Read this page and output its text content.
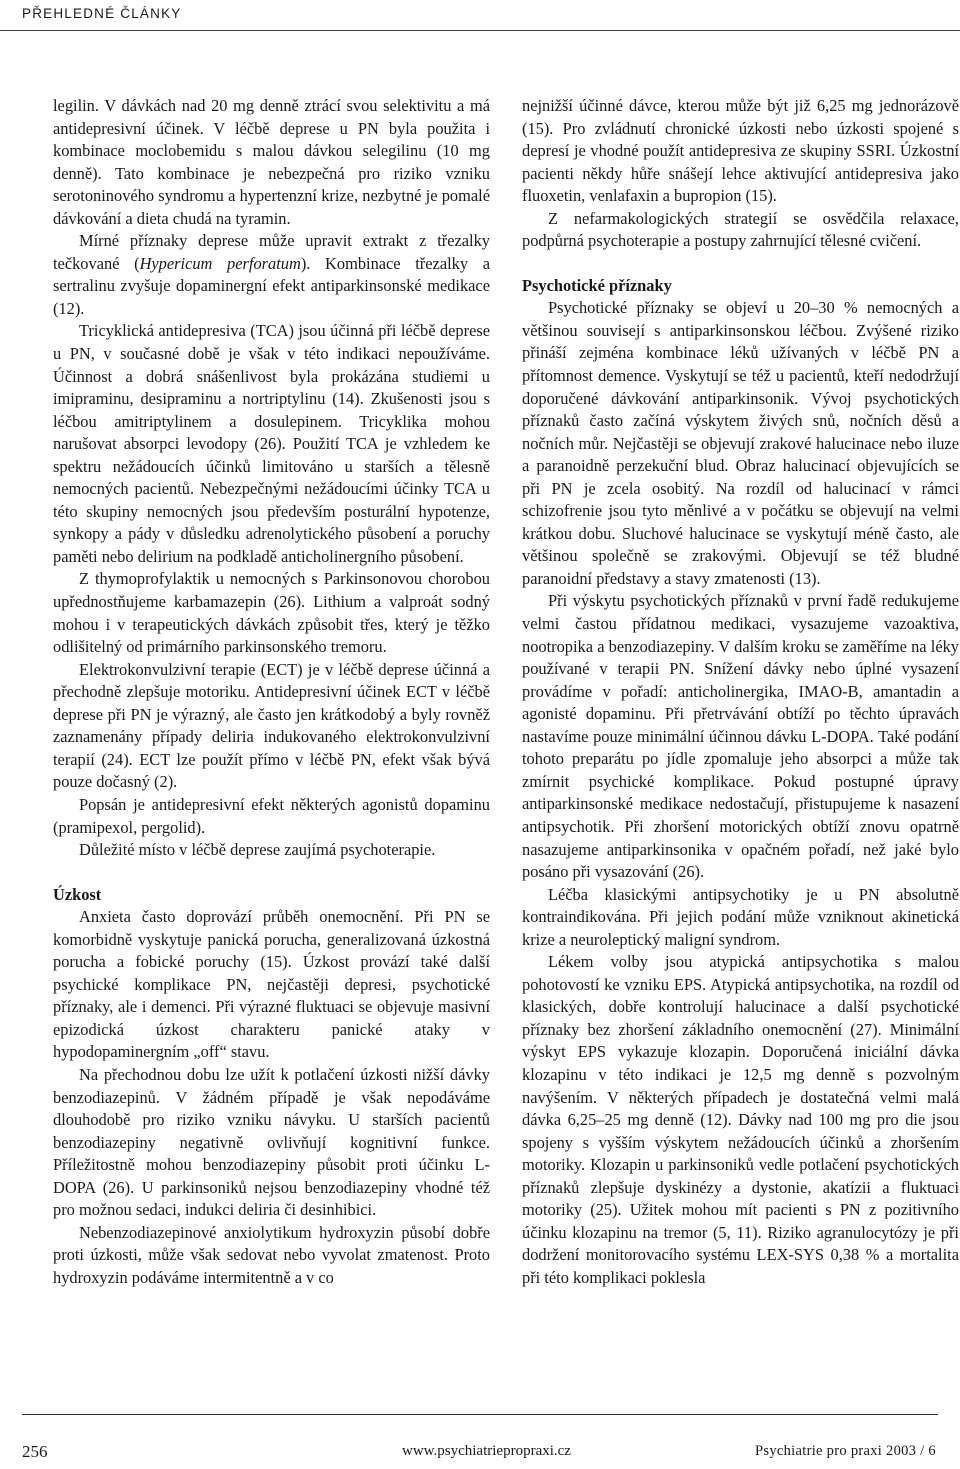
PŘEHLEDNÉ ČLÁNKY

legilin. V dávkách nad 20 mg denně ztrácí svou selektivitu a má antidepresivní účinek. V léčbě deprese u PN byla použita i kombinace moclobemidu s malou dávkou selegilinu (10 mg denně). Tato kombinace je nebezpečná pro riziko vzniku serotoninového syndromu a hypertenzní krize, nezbytné je pomalé dávkování a dieta chudá na tyramin.

Mírné příznaky deprese může upravit extrakt z třezalky tečkované (Hypericum perforatum). Kombinace třezalky a sertralinu zvyšuje dopaminergní efekt antiparkinsonské medikace (12).

Tricyklická antidepresiva (TCA) jsou účinná při léčbě deprese u PN, v současné době je však v této indikaci nepoužíváme. Účinnost a dobrá snášenlivost byla prokázána studiemi u imipraminu, desipraminu a nortriptylinu (14). Zkušenosti jsou s léčbou amitriptylinem a dosulepinem. Tricyklika mohou narušovat absorpci levodopy (26). Použití TCA je vzhledem ke spektru nežádoucích účinků limitováno u starších a tělesně nemocných pacientů. Nebezpečnými nežádoucími účinky TCA u této skupiny nemocných jsou především posturální hypotenze, synkopy a pády v důsledku adrenolytického působení a poruchy paměti nebo delirium na podkladě anticholinergního působení.

Z thymoprofylaktik u nemocných s Parkinsonovou chorobou upřednostňujeme karbamazepin (26). Lithium a valproát sodný mohou i v terapeutických dávkách způsobit třes, který je těžko odlišitelný od primárního parkinsonského tremoru.

Elektrokonvulzivní terapie (ECT) je v léčbě deprese účinná a přechodně zlepšuje motoriku. Antidepresivní účinek ECT v léčbě deprese při PN je výrazný, ale často jen krátkodobý a byly rovněž zaznamenány případy deliria indukovaného elektrokonvulzivní terapií (24). ECT lze použít přímo v léčbě PN, efekt však bývá pouze dočasný (2).

Popsán je antidepresivní efekt některých agonistů dopaminu (pramipexol, pergolid).

Důležité místo v léčbě deprese zaujímá psychoterapie.

Úzkost

Anxieta často doprovází průběh onemocnění. Při PN se komorbidně vyskytuje panická porucha, generalizovaná úzkostná porucha a fobické poruchy (15). Úzkost provází také další psychické komplikace PN, nejčastěji depresi, psychotické příznaky, ale i demenci. Při výrazné fluktuaci se objevuje masivní epizodická úzkost charakteru panické ataky v hypodopaminergním „off“ stavu.

Na přechodnou dobu lze užít k potlačení úzkosti nižší dávky benzodiazepinů. V žádném případě je však nepodáváme dlouhodobě pro riziko vzniku návyku. U starších pacientů benzodiazepiny negativně ovlivňují kognitivní funkce. Příležitostně mohou benzodiazepiny působit proti účinku L-DOPA (26). U parkinsoniků nejsou benzodiazepiny vhodné též pro možnou sedaci, indukci deliria či desinhibici.

Nebenzodiazepinové anxiolytikum hydroxyzin působí dobře proti úzkosti, může však sedovat nebo vyvolat zmatenost. Proto hydroxyzin podáváme intermitentně a v co

nejnižší účinné dávce, kterou může být již 6,25 mg jednorázově (15). Pro zvládnutí chronické úzkosti nebo úzkosti spojené s depresí je vhodné použít antidepresiva ze skupiny SSRI. Úzkostní pacienti někdy hůře snášejí lehce aktivující antidepresiva jako fluoxetin, venlafaxin a bupropion (15).

Z nefarmakologických strategií se osvědčila relaxace, podpůrná psychoterapie a postupy zahrnující tělesné cvičení.

Psychotické příznaky

Psychotické příznaky se objeví u 20–30 % nemocných a většinou souvisejí s antiparkinsonskou léčbou. Zvýšené riziko přináší zejména kombinace léků užívaných v léčbě PN a přítomnost demence. Vyskytují se též u pacientů, kteří nedodržují doporučené dávkování antiparkinsonik. Vývoj psychotických příznaků často začíná výskytem živých snů, nočních děsů a nočních můr. Nejčastěji se objevují zrakové halucinace nebo iluze a paranoidně perzekuční blud. Obraz halucinací objevujících se při PN je zcela osobitý. Na rozdíl od halucinací v rámci schizofrenie jsou tyto měnlivé a v počátku se objevují na velmi krátkou dobu. Sluchové halucinace se vyskytují méně často, ale většinou společně se zrakovými. Objevují se též bludné paranoidní představy a stavy zmatenosti (13).

Při výskytu psychotických příznaků v první řadě redukujeme velmi častou přídatnou medikaci, vysazujeme vazoaktiva, nootropika a benzodiazepiny. V dalším kroku se zaměříme na léky používané v terapii PN. Snížení dávky nebo úplné vysazení provádíme v pořadí: anticholinergika, IMAO-B, amantadin a agonisté dopaminu. Při přetrvávání obtíží po těchto úpravách nastavíme pouze minimální účinnou dávku L-DOPA. Také podání tohoto preparátu po jídle zpomaluje jeho absorpci a může tak zmírnit psychické komplikace. Pokud postupné úpravy antiparkinsonské medikace nedostačují, přistupujeme k nasazení antipsychotik. Při zhoršení motorických obtíží znovu opatrně nasazujeme antiparkinsonika v opačném pořadí, než jaké bylo posáno při vysazování (26).

Léčba klasickými antipsychotiky je u PN absolutně kontraindikována. Při jejich podání může vzniknout akinetická krize a neuroleptický maligní syndrom.

Lékem volby jsou atypická antipsychotika s malou pohotovostí ke vzniku EPS. Atypická antipsychotika, na rozdíl od klasických, dobře kontrolují halucinace a další psychotické příznaky bez zhoršení základního onemocnění (27). Minimální výskyt EPS vykazuje klozapin. Doporučená iniciální dávka klozapinu v této indikaci je 12,5 mg denně s pozvolným navýšením. V některých případech je dostatečná velmi malá dávka 6,25–25 mg denně (12). Dávky nad 100 mg pro die jsou spojeny s vyšším výskytem nežádoucích účinků a zhoršením motoriky. Klozapin u parkinsoniků vedle potlačení psychotických příznaků zlepšuje dyskinézy a dystonie, akatízii a fluktuaci motoriky (25). Užitek mohou mít pacienti s PN z pozitivního účinku klozapinu na tremor (5, 11). Riziko agranulocytózy je při dodržení monitorovacího systému LEX-SYS 0,38 % a mortalita při této komplikaci poklesla

256	www.psychiatriepropraxi.cz	Psychiatrie pro praxi 2003 / 6
